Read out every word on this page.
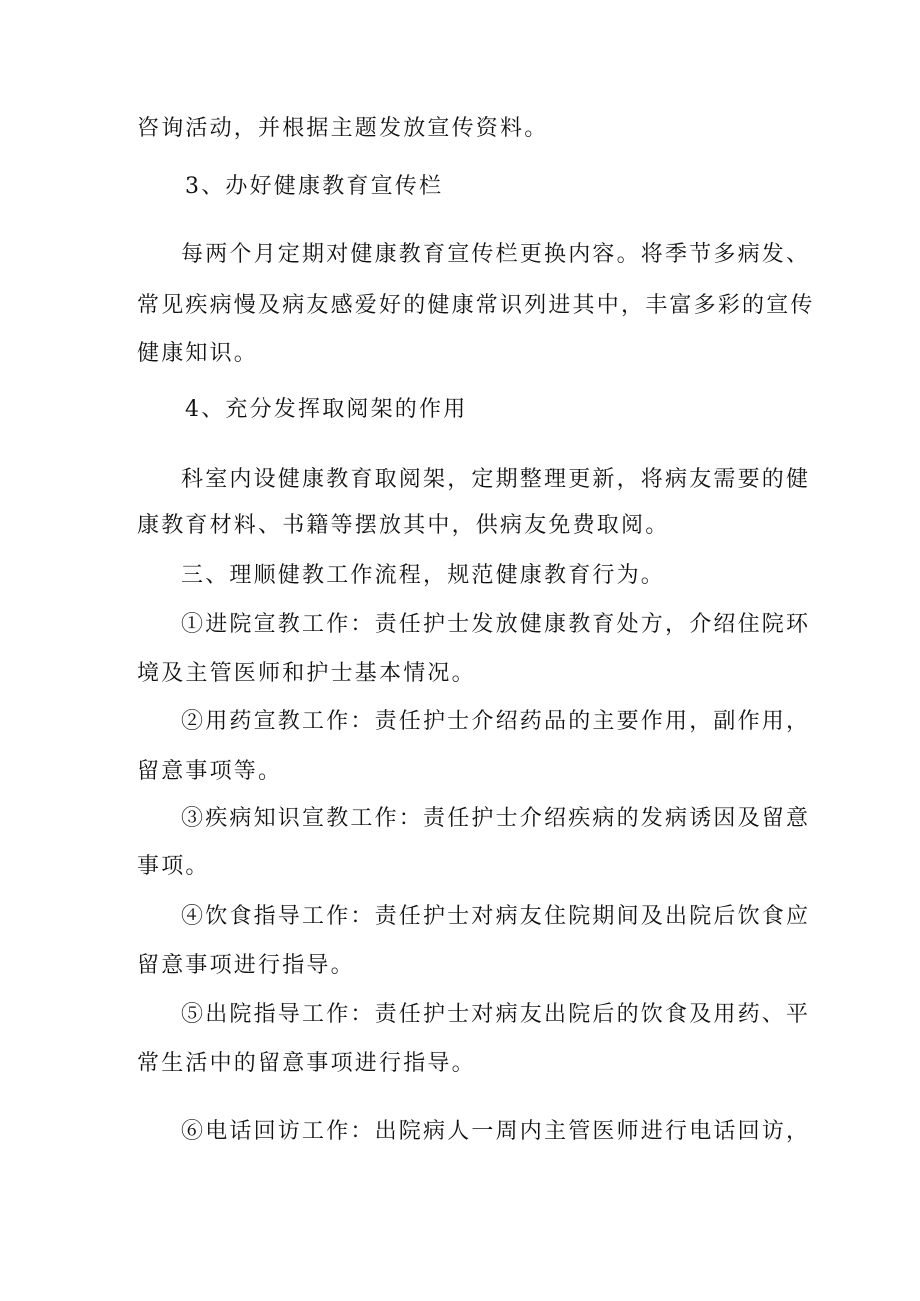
咨询活动，并根据主题发放宣传资料。
3、办好健康教育宣传栏
每两个月定期对健康教育宣传栏更换内容。将季节多病发、
常见疾病慢及病友感爱好的健康常识列进其中，丰富多彩的宣传
健康知识。
4、充分发挥取阅架的作用
科室内设健康教育取阅架，定期整理更新，将病友需要的健
康教育材料、书籍等摆放其中，供病友免费取阅。
三、理顺健教工作流程，规范健康教育行为。
①进院宣教工作：责任护士发放健康教育处方，介绍住院环
境及主管医师和护士基本情况。
②用药宣教工作：责任护士介绍药品的主要作用，副作用，
留意事项等。
③疾病知识宣教工作：责任护士介绍疾病的发病诱因及留意
事项。
④饮食指导工作：责任护士对病友住院期间及出院后饮食应
留意事项进行指导。
⑤出院指导工作：责任护士对病友出院后的饮食及用药、平
常生活中的留意事项进行指导。
⑥电话回访工作：出院病人一周内主管医师进行电话回访，
